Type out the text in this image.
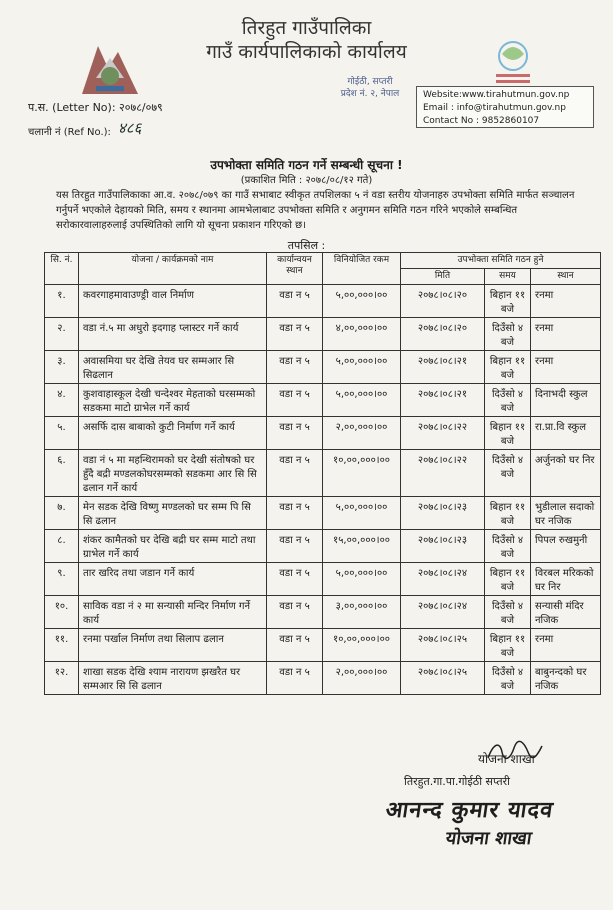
तिरहुत गाउँपालिका
गाउँ कार्यपालिकाको कार्यालय
गोईठी, सप्तरी
प्रदेश नं. २, नेपाल
प.स. (Letter No): २०७८/०७९
चलानी नं (Ref No.): ४८६
Website:www.tirahutmun.gov.np
Email : info@tirahutmun.gov.np
Contact No : 9852860107
उपभोक्ता समिति गठन गर्ने सम्बन्धी सूचना !
(प्रकाशित मिति : २०७८/०८/१२ गते)
यस तिरहुत गाउँपालिकाका आ.व. २०७८/०७९ का गाउँ सभाबाट स्वीकृत तपशिलका ५ नं वडा स्तरीय योजनाहरु उपभोक्ता समिति मार्फत सञ्चालन गर्नुपर्ने भएकोले देहायको मिति, समय र स्थानमा आमभेलाबाट उपभोक्ता समिति र अनुगमन समिति गठन गरिने भएकोले सम्बन्धित सरोकारवालाहरुलाई उपस्थितिको लागि यो सूचना प्रकाशन गरिएको छ।
तपसिल :
सि. नं.	योजना / कार्यक्रमको नाम	कार्यान्वयन स्थान	विनियोजित रकम	उपभोक्ता समिति गठन हुने		
				मिति	समय	स्थान
१.	कवरगाहमावाउण्ड्री वाल निर्माण	वडा न ५	५,००,०००।००	२०७८।०८।२०	बिहान ११ बजे	रनमा
२.	वडा नं.५ मा अधुरो इदगाह प्लास्टर गर्ने कार्य	वडा न ५	४,००,०००।००	२०७८।०८।२०	दिउँसो ४ बजे	रनमा
३.	अवासमिया घर देखि तेयव घर सम्मआर सि सिढलान	वडा न ५	५,००,०००।००	२०७८।०८।२१	बिहान ११ बजे	रनमा
४.	कुशवाहास्कूल देखी चन्देश्वर मेहताको घरसम्मको सडकमा माटो ग्राभेल गर्ने कार्य	वडा न ५	५,००,०००।००	२०७८।०८।२१	दिउँसो ४ बजे	दिनाभदी स्कुल
५.	असर्फि दास बाबाको कुटी निर्माण गर्ने कार्य	वडा न ५	२,००,०००।००	२०७८।०८।२२	बिहान ११ बजे	रा.प्रा.वि स्कुल
६.	वडा नं ५ मा महन्थिरामको घर देखी संतोषको घर हुँदै बद्री मण्डलकोघरसम्मको सडकमा आर सि सि ढलान गर्ने कार्य	वडा न ५	१०,००,०००।००	२०७८।०८।२२	दिउँसो ४ बजे	अर्जुनको घर निर
७.	मेन सडक देखि विष्णु मण्डलको घर सम्म पि सि सि ढलान	वडा न ५	५,००,०००।००	२०७८।०८।२३	बिहान ११ बजे	भुडीलाल सदाको घर नजिक
८.	शंकर कामैतको घर देखि बद्री घर सम्म माटो तथा ग्राभेल गर्ने कार्य	वडा न ५	१५,००,०००।००	२०७८।०८।२३	दिउँसो ४ बजे	पिपल रुखमुनी
९.	तार खरिद तथा जडान गर्ने कार्य	वडा न ५	५,००,०००।००	२०७८।०८।२४	बिहान ११ बजे	विरबल मरिकको घर निर
१०.	साविक वडा नं २ मा सन्यासी मन्दिर निर्माण गर्ने कार्य	वडा न ५	३,००,०००।००	२०७८।०८।२४	दिउँसो ४ बजे	सन्यासी मंदिर नजिक
११.	रनमा पर्खाल निर्माण तथा सिलाप ढलान	वडा न ५	१०,००,०००।००	२०७८।०८।२५	बिहान ११ बजे	रनमा
१२.	शाखा सडक देखि श्याम नारायण झखरैत घर सम्मआर सि सि ढलान	वडा न ५	२,००,०००।००	२०७८।०८।२५	दिउँसो ४ बजे	बाबुनन्दको घर नजिक
योजना शाखा
तिरहुत.गा.पा.गोईठी सप्तरी
आनन्द कुमार यादव
योजना शाखा
